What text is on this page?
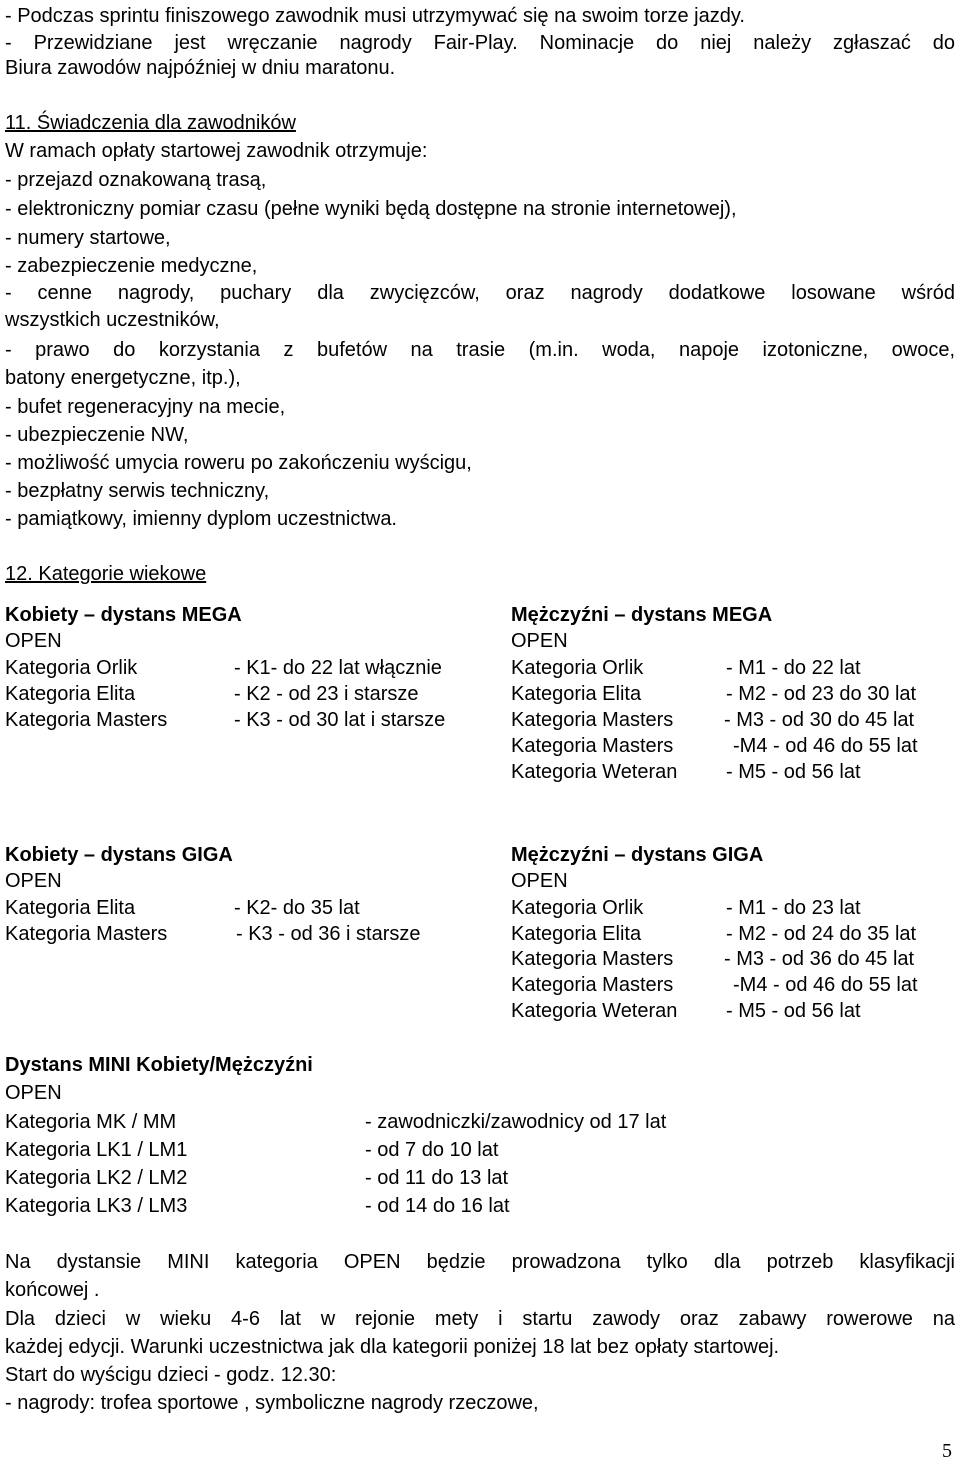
- Podczas sprintu finiszowego zawodnik musi utrzymywać się na swoim torze jazdy.
- Przewidziane jest wręczanie nagrody Fair-Play. Nominacje do niej należy zgłaszać do
Biura zawodów najpóźniej w dniu maratonu.
11. Świadczenia dla zawodników
W ramach opłaty startowej zawodnik otrzymuje:
- przejazd oznakowaną trasą,
- elektroniczny pomiar czasu (pełne wyniki będą dostępne na stronie internetowej),
- numery startowe,
- zabezpieczenie medyczne,
- cenne nagrody, puchary dla zwycięzców, oraz nagrody dodatkowe losowane wśród
wszystkich uczestników,
- prawo do korzystania z bufetów na trasie (m.in. woda, napoje izotoniczne, owoce,
batony energetyczne, itp.),
- bufet regeneracyjny na mecie,
- ubezpieczenie NW,
- możliwość umycia roweru po zakończeniu wyścigu,
- bezpłatny serwis techniczny,
- pamiątkowy, imienny dyplom uczestnictwa.
12. Kategorie wiekowe
Kobiety – dystans MEGA
OPEN
Kategoria Orlik	- K1- do 22 lat włącznie
Kategoria Elita	- K2 - od 23 i starsze
Kategoria Masters	- K3 - od 30 lat i starsze
Mężczyźni – dystans MEGA
OPEN
Kategoria Orlik	- M1 - do 22 lat
Kategoria Elita	- M2 - od 23 do 30 lat
Kategoria Masters	- M3 - od 30 do 45 lat
Kategoria Masters	-M4 - od 46 do 55 lat
Kategoria Weteran - M5 - od 56 lat
Kobiety – dystans GIGA
OPEN
Kategoria Elita	- K2- do 35 lat
Kategoria Masters	- K3 - od 36 i starsze
Mężczyźni – dystans GIGA
OPEN
Kategoria Orlik	- M1 - do 23 lat
Kategoria Elita	- M2 - od 24 do 35 lat
Kategoria Masters	- M3 - od 36 do 45 lat
Kategoria Masters	-M4 - od 46 do 55 lat
Kategoria Weteran - M5 - od 56 lat
Dystans MINI Kobiety/Mężczyźni
OPEN
Kategoria MK / MM	- zawodniczki/zawodnicy od 17 lat
Kategoria LK1 / LM1	- od 7 do 10 lat
Kategoria LK2 / LM2	- od 11 do 13 lat
Kategoria LK3 / LM3	- od 14 do 16 lat
Na dystansie MINI kategoria OPEN będzie prowadzona tylko dla potrzeb klasyfikacji
końcowej .
Dla dzieci w wieku 4-6 lat w rejonie mety i startu zawody oraz zabawy rowerowe na
każdej edycji. Warunki uczestnictwa jak dla kategorii poniżej 18 lat bez opłaty startowej.
Start do wyścigu dzieci - godz. 12.30:
- nagrody: trofea sportowe , symboliczne nagrody rzeczowe,
5
